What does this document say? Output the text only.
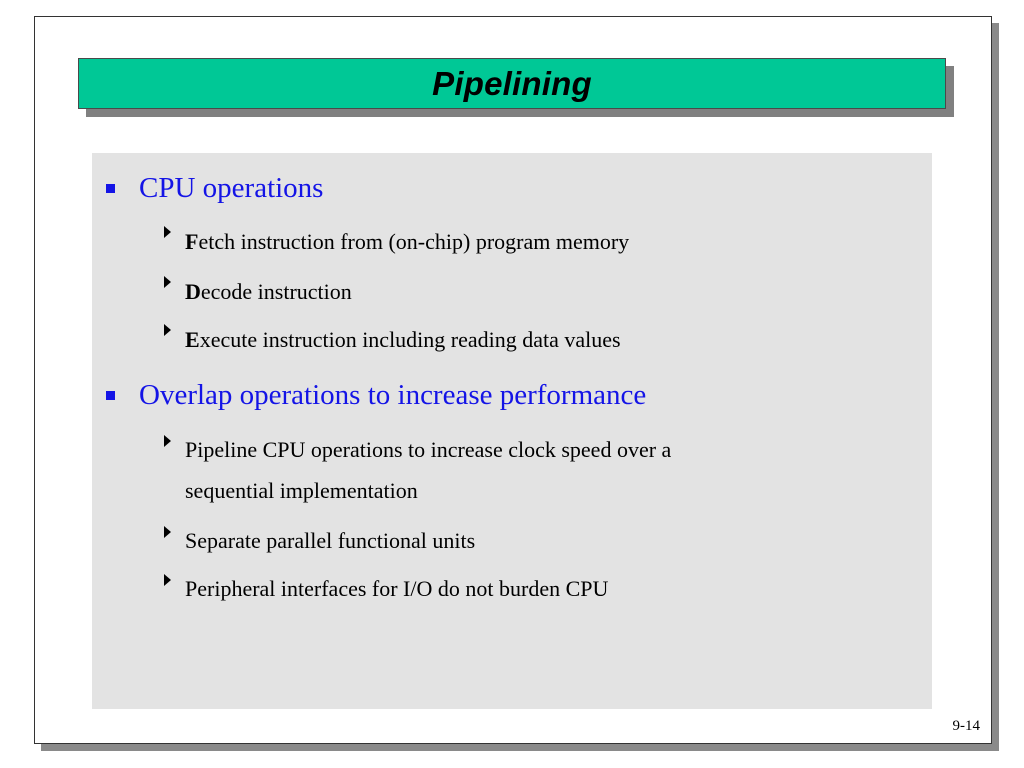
Pipelining
CPU operations
Fetch instruction from (on-chip) program memory
Decode instruction
Execute instruction including reading data values
Overlap operations to increase performance
Pipeline CPU operations to increase clock speed over a
sequential implementation
Separate parallel functional units
Peripheral interfaces for I/O do not burden CPU
9-14
